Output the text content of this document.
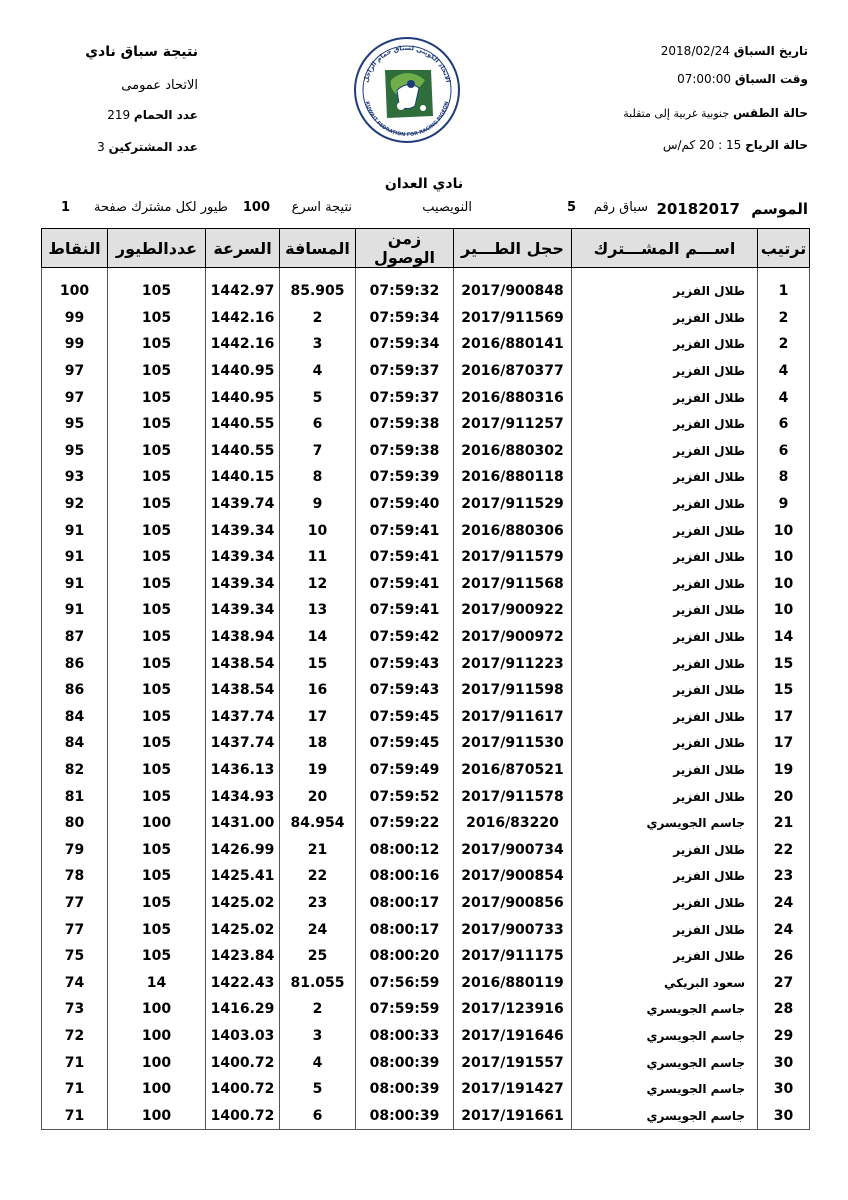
تاريخ السباق 2018/02/24
وقت السباق 07:00:00
حالة الطقس جنوبية غربية إلى متقلبة
حالة الرياح 15 : 20 كم/س
نتيجة سباق نادي
الاتحاد عمومى
عدد الحمام 219
عدد المشتركين 3
الاتحاد الكويتي لسباق حمام الزاجل
KUWAIT FEDRATION FOR RACING PIGEON
نادي العدان
الموسم
20182017
سباق رقم
5
النويصيب
نتيجة اسرع
100
طيور لكل مشترك صفحة
1
ترتيب	اســـم المشـــترك	حجل الطـــير	زمن الوصول	المسافة	السرعة	عددالطيور	النقاط

1	طلال الفزير	2017/900848	07:59:32	85.905	1442.97	105	100
2	طلال الفزير	2017/911569	07:59:34	2	1442.16	105	99
2	طلال الفزير	2016/880141	07:59:34	3	1442.16	105	99
4	طلال الفزير	2016/870377	07:59:37	4	1440.95	105	97
4	طلال الفزير	2016/880316	07:59:37	5	1440.95	105	97
6	طلال الفزير	2017/911257	07:59:38	6	1440.55	105	95
6	طلال الفزير	2016/880302	07:59:38	7	1440.55	105	95
8	طلال الفزير	2016/880118	07:59:39	8	1440.15	105	93
9	طلال الفزير	2017/911529	07:59:40	9	1439.74	105	92
10	طلال الفزير	2016/880306	07:59:41	10	1439.34	105	91
10	طلال الفزير	2017/911579	07:59:41	11	1439.34	105	91
10	طلال الفزير	2017/911568	07:59:41	12	1439.34	105	91
10	طلال الفزير	2017/900922	07:59:41	13	1439.34	105	91
14	طلال الفزير	2017/900972	07:59:42	14	1438.94	105	87
15	طلال الفزير	2017/911223	07:59:43	15	1438.54	105	86
15	طلال الفزير	2017/911598	07:59:43	16	1438.54	105	86
17	طلال الفزير	2017/911617	07:59:45	17	1437.74	105	84
17	طلال الفزير	2017/911530	07:59:45	18	1437.74	105	84
19	طلال الفزير	2016/870521	07:59:49	19	1436.13	105	82
20	طلال الفزير	2017/911578	07:59:52	20	1434.93	105	81
21	جاسم الجويسري	2016/83220	07:59:22	84.954	1431.00	100	80
22	طلال الفزير	2017/900734	08:00:12	21	1426.99	105	79
23	طلال الفزير	2017/900854	08:00:16	22	1425.41	105	78
24	طلال الفزير	2017/900856	08:00:17	23	1425.02	105	77
24	طلال الفزير	2017/900733	08:00:17	24	1425.02	105	77
26	طلال الفزير	2017/911175	08:00:20	25	1423.84	105	75
27	سعود البريكي	2016/880119	07:56:59	81.055	1422.43	14	74
28	جاسم الجويسري	2017/123916	07:59:59	2	1416.29	100	73
29	جاسم الجويسري	2017/191646	08:00:33	3	1403.03	100	72
30	جاسم الجويسري	2017/191557	08:00:39	4	1400.72	100	71
30	جاسم الجويسري	2017/191427	08:00:39	5	1400.72	100	71
30	جاسم الجويسري	2017/191661	08:00:39	6	1400.72	100	71
